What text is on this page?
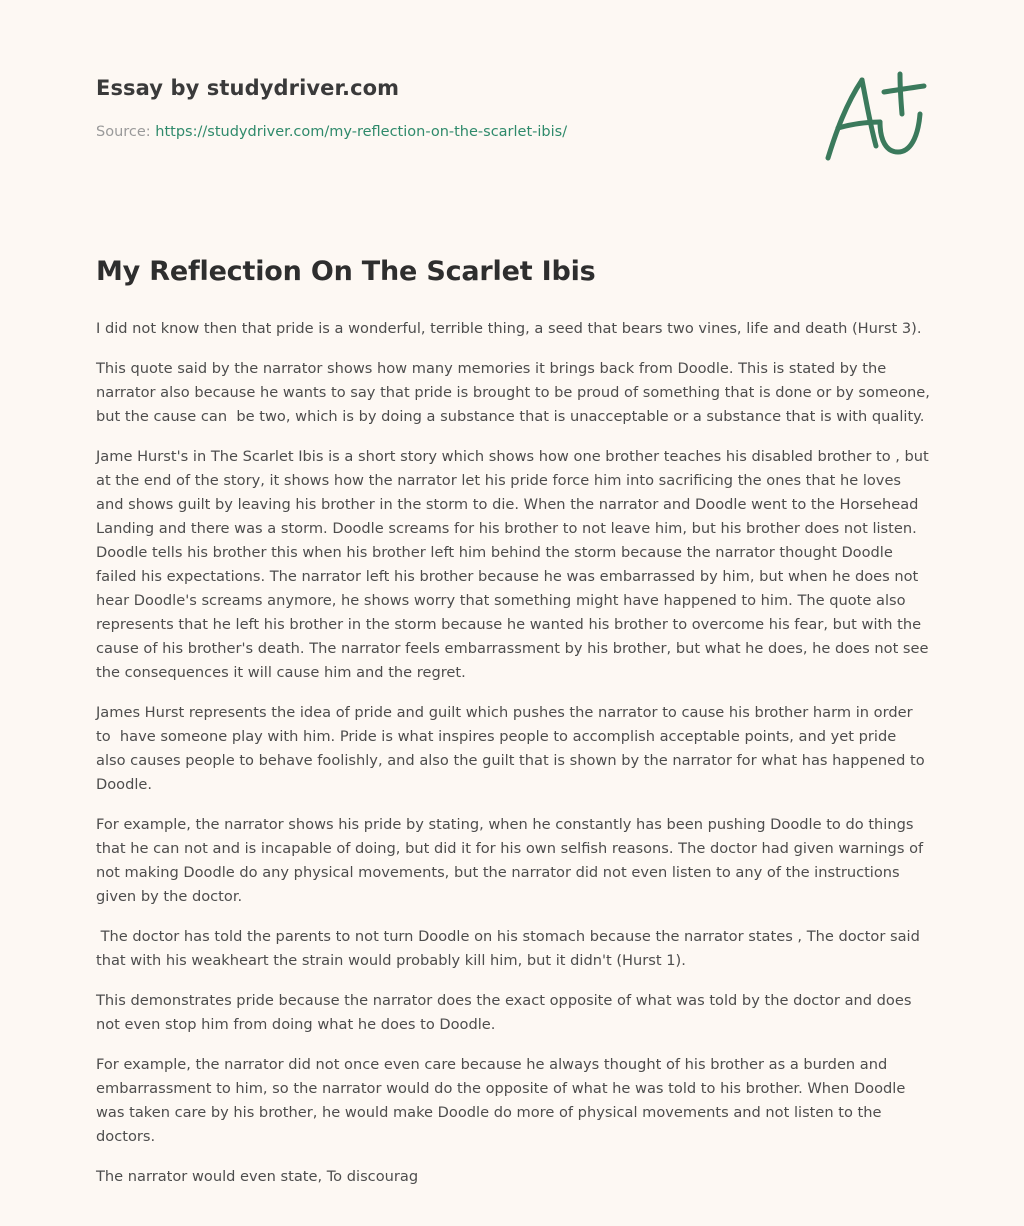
Essay by studydriver.com
Source: https://studydriver.com/my-reflection-on-the-scarlet-ibis/
My Reflection On The Scarlet Ibis

I did not know then that pride is a wonderful, terrible thing, a seed that bears two vines, life and death (Hurst 3).

This quote said by the narrator shows how many memories it brings back from Doodle. This is stated by the narrator also because he wants to say that pride is brought to be proud of something that is done or by someone, but the cause can  be two, which is by doing a substance that is unacceptable or a substance that is with quality.

Jame Hurst's in The Scarlet Ibis is a short story which shows how one brother teaches his disabled brother to , but at the end of the story, it shows how the narrator let his pride force him into sacrificing the ones that he loves and shows guilt by leaving his brother in the storm to die. When the narrator and Doodle went to the Horsehead Landing and there was a storm. Doodle screams for his brother to not leave him, but his brother does not listen. Doodle tells his brother this when his brother left him behind the storm because the narrator thought Doodle failed his expectations. The narrator left his brother because he was embarrassed by him, but when he does not hear Doodle's screams anymore, he shows worry that something might have happened to him. The quote also represents that he left his brother in the storm because he wanted his brother to overcome his fear, but with the cause of his brother's death. The narrator feels embarrassment by his brother, but what he does, he does not see the consequences it will cause him and the regret.

James Hurst represents the idea of pride and guilt which pushes the narrator to cause his brother harm in order to  have someone play with him. Pride is what inspires people to accomplish acceptable points, and yet pride also causes people to behave foolishly, and also the guilt that is shown by the narrator for what has happened to Doodle.

For example, the narrator shows his pride by stating, when he constantly has been pushing Doodle to do things that he can not and is incapable of doing, but did it for his own selfish reasons. The doctor had given warnings of not making Doodle do any physical movements, but the narrator did not even listen to any of the instructions given by the doctor.

The doctor has told the parents to not turn Doodle on his stomach because the narrator states , The doctor said that with his weakheart the strain would probably kill him, but it didn't (Hurst 1).

This demonstrates pride because the narrator does the exact opposite of what was told by the doctor and does not even stop him from doing what he does to Doodle.

For example, the narrator did not once even care because he always thought of his brother as a burden and embarrassment to him, so the narrator would do the opposite of what he was told to his brother. When Doodle was taken care by his brother, he would make Doodle do more of physical movements and not listen to the doctors.

The narrator would even state, To discourag
